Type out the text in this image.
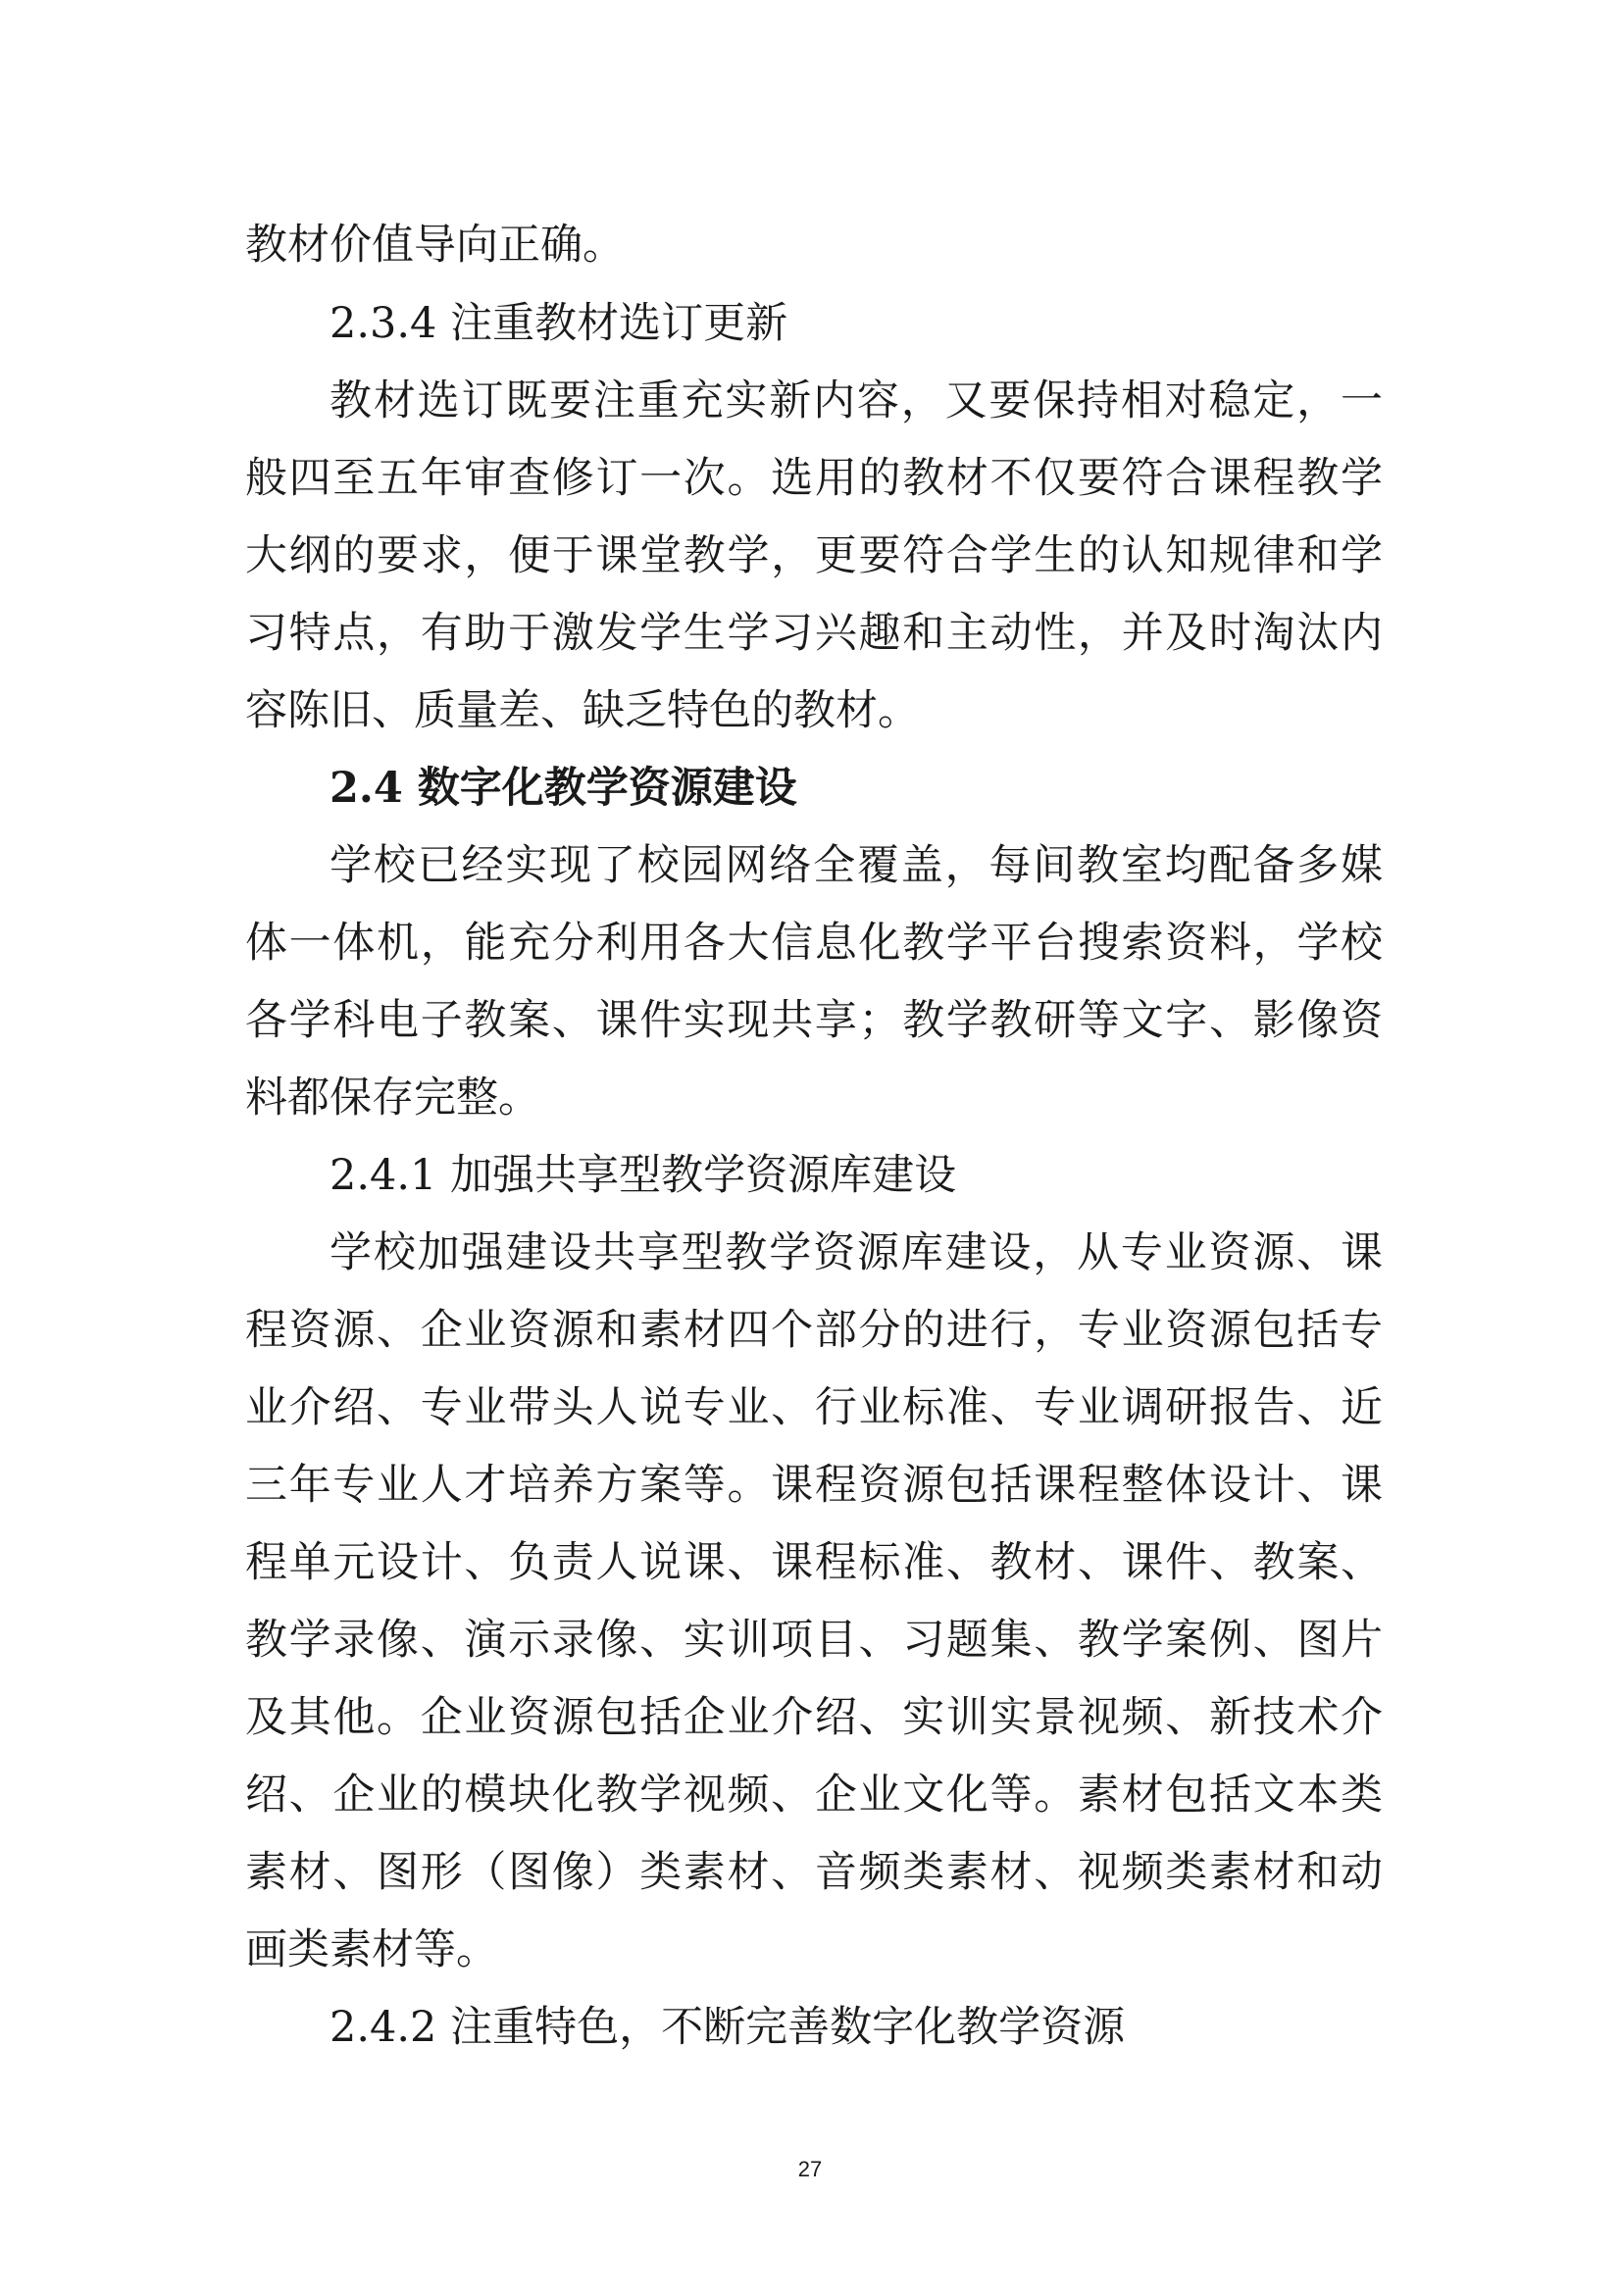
教材价值导向正确。

2.3.4 注重教材选订更新

教材选订既要注重充实新内容，又要保持相对稳定，一

般四至五年审查修订一次。选用的教材不仅要符合课程教学

大纲的要求，便于课堂教学，更要符合学生的认知规律和学

习特点，有助于激发学生学习兴趣和主动性，并及时淘汰内

容陈旧、质量差、缺乏特色的教材。

2.4 数字化教学资源建设

学校已经实现了校园网络全覆盖，每间教室均配备多媒

体一体机，能充分利用各大信息化教学平台搜索资料，学校

各学科电子教案、课件实现共享；教学教研等文字、影像资

料都保存完整。

2.4.1 加强共享型教学资源库建设

学校加强建设共享型教学资源库建设，从专业资源、课

程资源、企业资源和素材四个部分的进行，专业资源包括专

业介绍、专业带头人说专业、行业标准、专业调研报告、近

三年专业人才培养方案等。课程资源包括课程整体设计、课

程单元设计、负责人说课、课程标准、教材、课件、教案、

教学录像、演示录像、实训项目、习题集、教学案例、图片

及其他。企业资源包括企业介绍、实训实景视频、新技术介

绍、企业的模块化教学视频、企业文化等。素材包括文本类

素材、图形（图像）类素材、音频类素材、视频类素材和动

画类素材等。

2.4.2 注重特色，不断完善数字化教学资源

27
